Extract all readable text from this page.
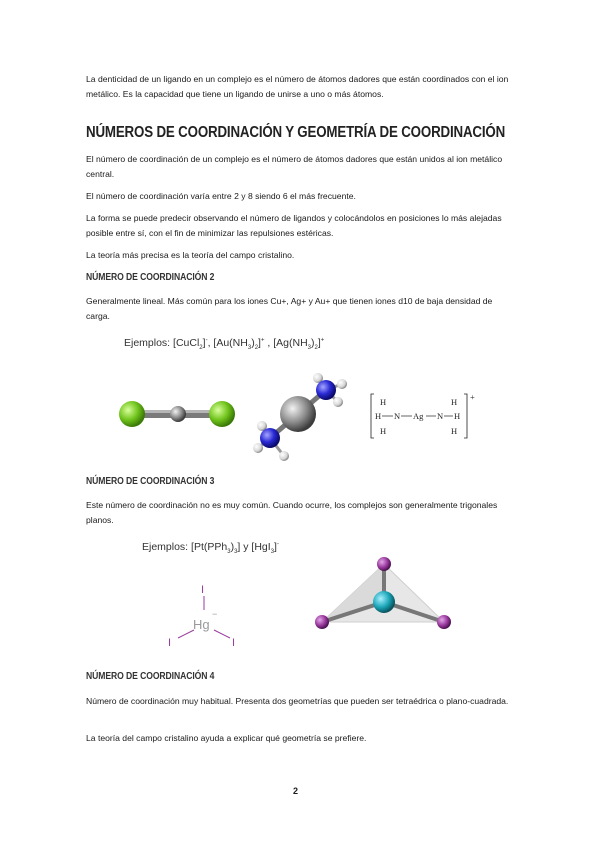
La denticidad de un ligando en un complejo es el número de átomos dadores que están coordinados con el ion metálico. Es la capacidad que tiene un ligando de unirse a uno o más átomos.

NÚMEROS DE COORDINACIÓN Y GEOMETRÍA DE COORDINACIÓN

El número de coordinación de un complejo es el número de átomos dadores que están unidos al ion metálico central.

El número de coordinación varía entre 2 y 8 siendo 6 el más frecuente.

La forma se puede predecir observando el número de ligandos y colocándolos en posiciones lo más alejadas posible entre sí, con el fin de minimizar las repulsiones estéricas.

La teoría más precisa es la teoría del campo cristalino.

NÚMERO DE COORDINACIÓN 2

Generalmente lineal. Más común para los iones Cu+, Ag+ y Au+ que tienen iones d10 de baja densidad de carga.

Ejemplos: [CuCl$_2$]-, $[Au(NH_3)_2]^+$ , $[Ag(NH_3)_2]^+$
+
H
H N Ag N H
H
H
H
NÚMERO DE COORDINACIÓN 3

Este número de coordinación no es muy común. Cuando ocurre, los complejos son generalmente trigonales planos.

Ejemplos: $[Pt(PPh_3)_3]$ y [HgI$_3$]-
I
Hg
−
I	I
NÚMERO DE COORDINACIÓN 4

Número de coordinación muy habitual. Presenta dos geometrías que pueden ser tetraédrica o plano-cuadrada.

La teoría del campo cristalino ayuda a explicar qué geometría se prefiere.

2
